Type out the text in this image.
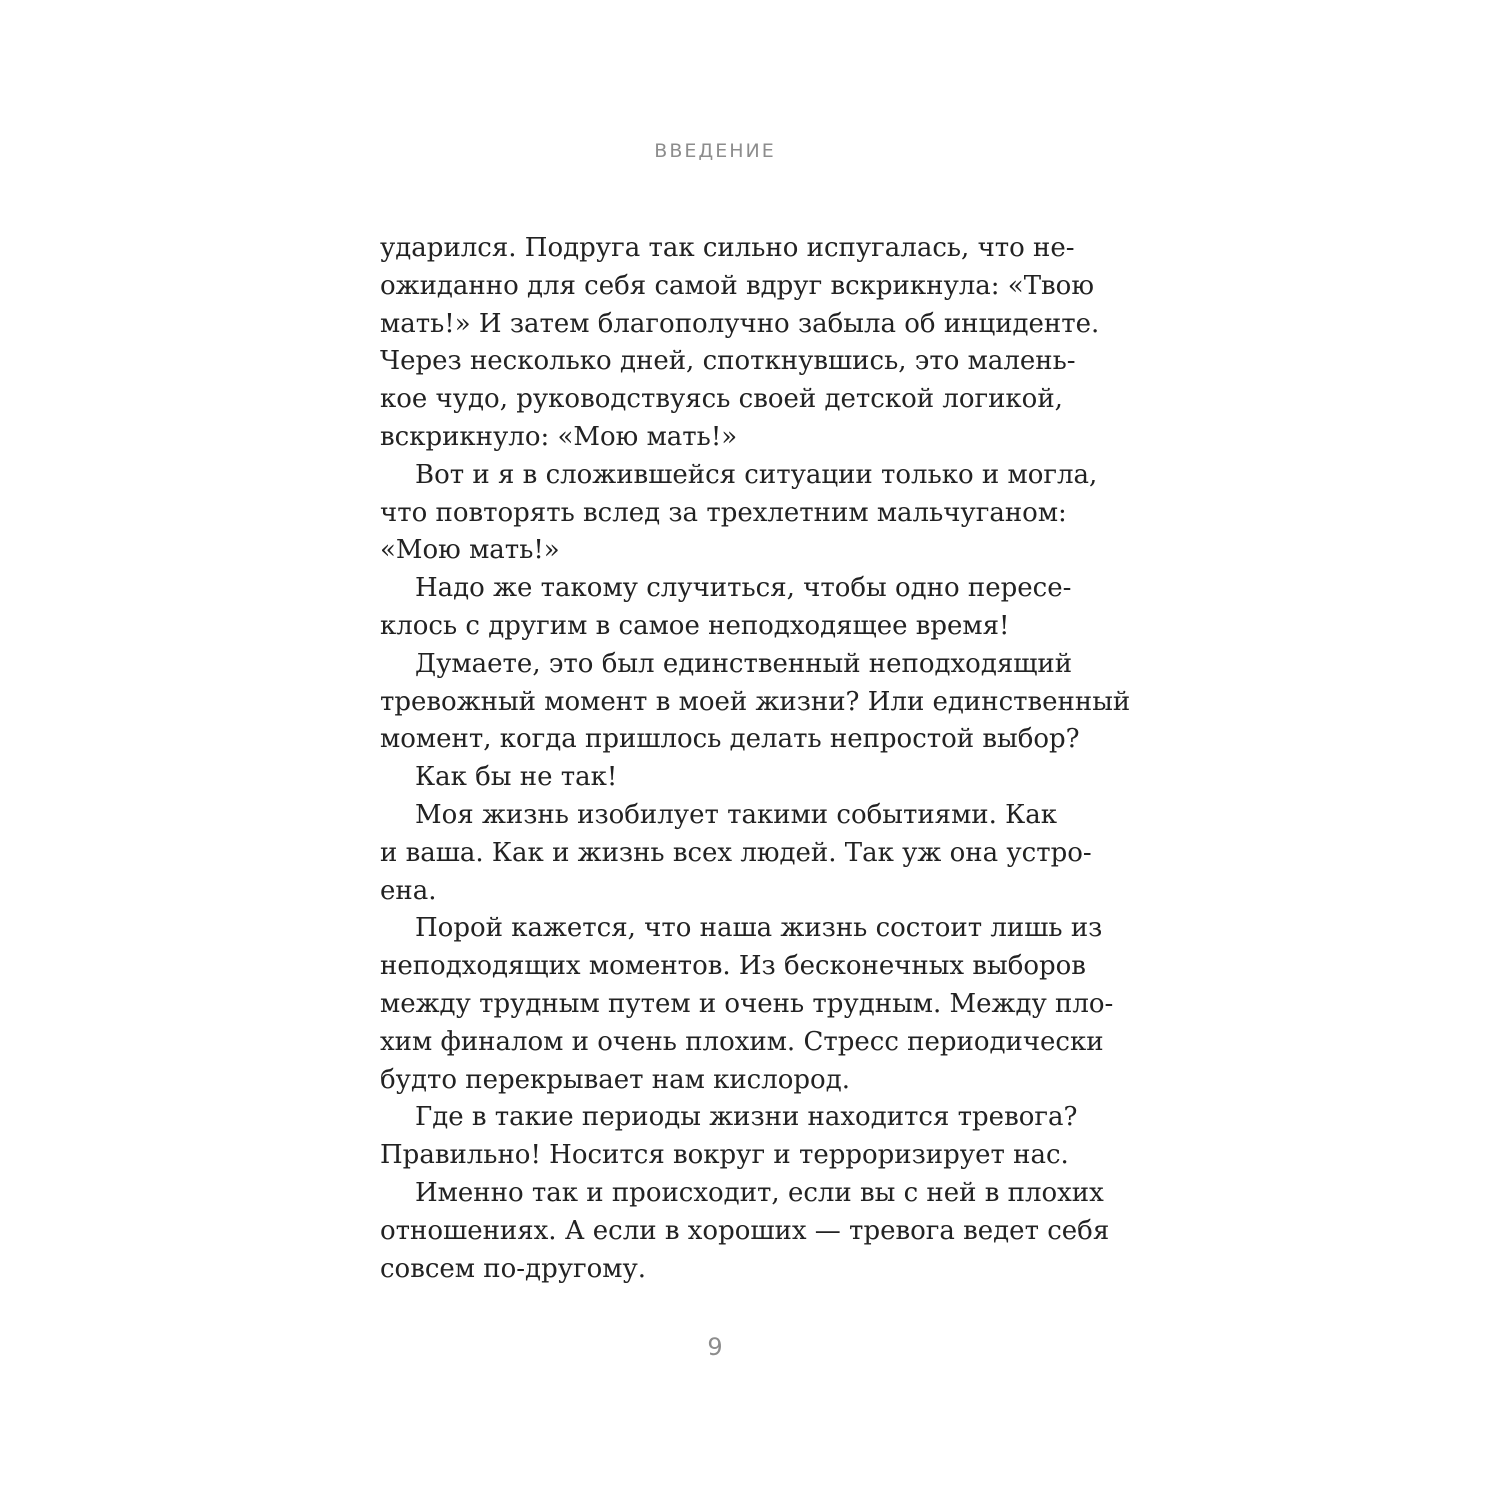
ВВЕДЕНИЕ
ударился. Подруга так сильно испугалась, что не-
ожиданно для себя самой вдруг вскрикнула: «Твою
мать!» И затем благополучно забыла об инциденте.
Через несколько дней, споткнувшись, это малень-
кое чудо, руководствуясь своей детской логикой,
вскрикнуло: «Мою мать!»
Вот и я в сложившейся ситуации только и могла,
что повторять вслед за трехлетним мальчуганом:
«Мою мать!»
Надо же такому случиться, чтобы одно пересе-
клось с другим в самое неподходящее время!
Думаете, это был единственный неподходящий
тревожный момент в моей жизни? Или единственный
момент, когда пришлось делать непростой выбор?
Как бы не так!
Моя жизнь изобилует такими событиями. Как
и ваша. Как и жизнь всех людей. Так уж она устро-
ена.
Порой кажется, что наша жизнь состоит лишь из
неподходящих моментов. Из бесконечных выборов
между трудным путем и очень трудным. Между пло-
хим финалом и очень плохим. Стресс периодически
будто перекрывает нам кислород.
Где в такие периоды жизни находится тревога?
Правильно! Носится вокруг и терроризирует нас.
Именно так и происходит, если вы с ней в плохих
отношениях. А если в хороших — тревога ведет себя
совсем по-другому.
9
